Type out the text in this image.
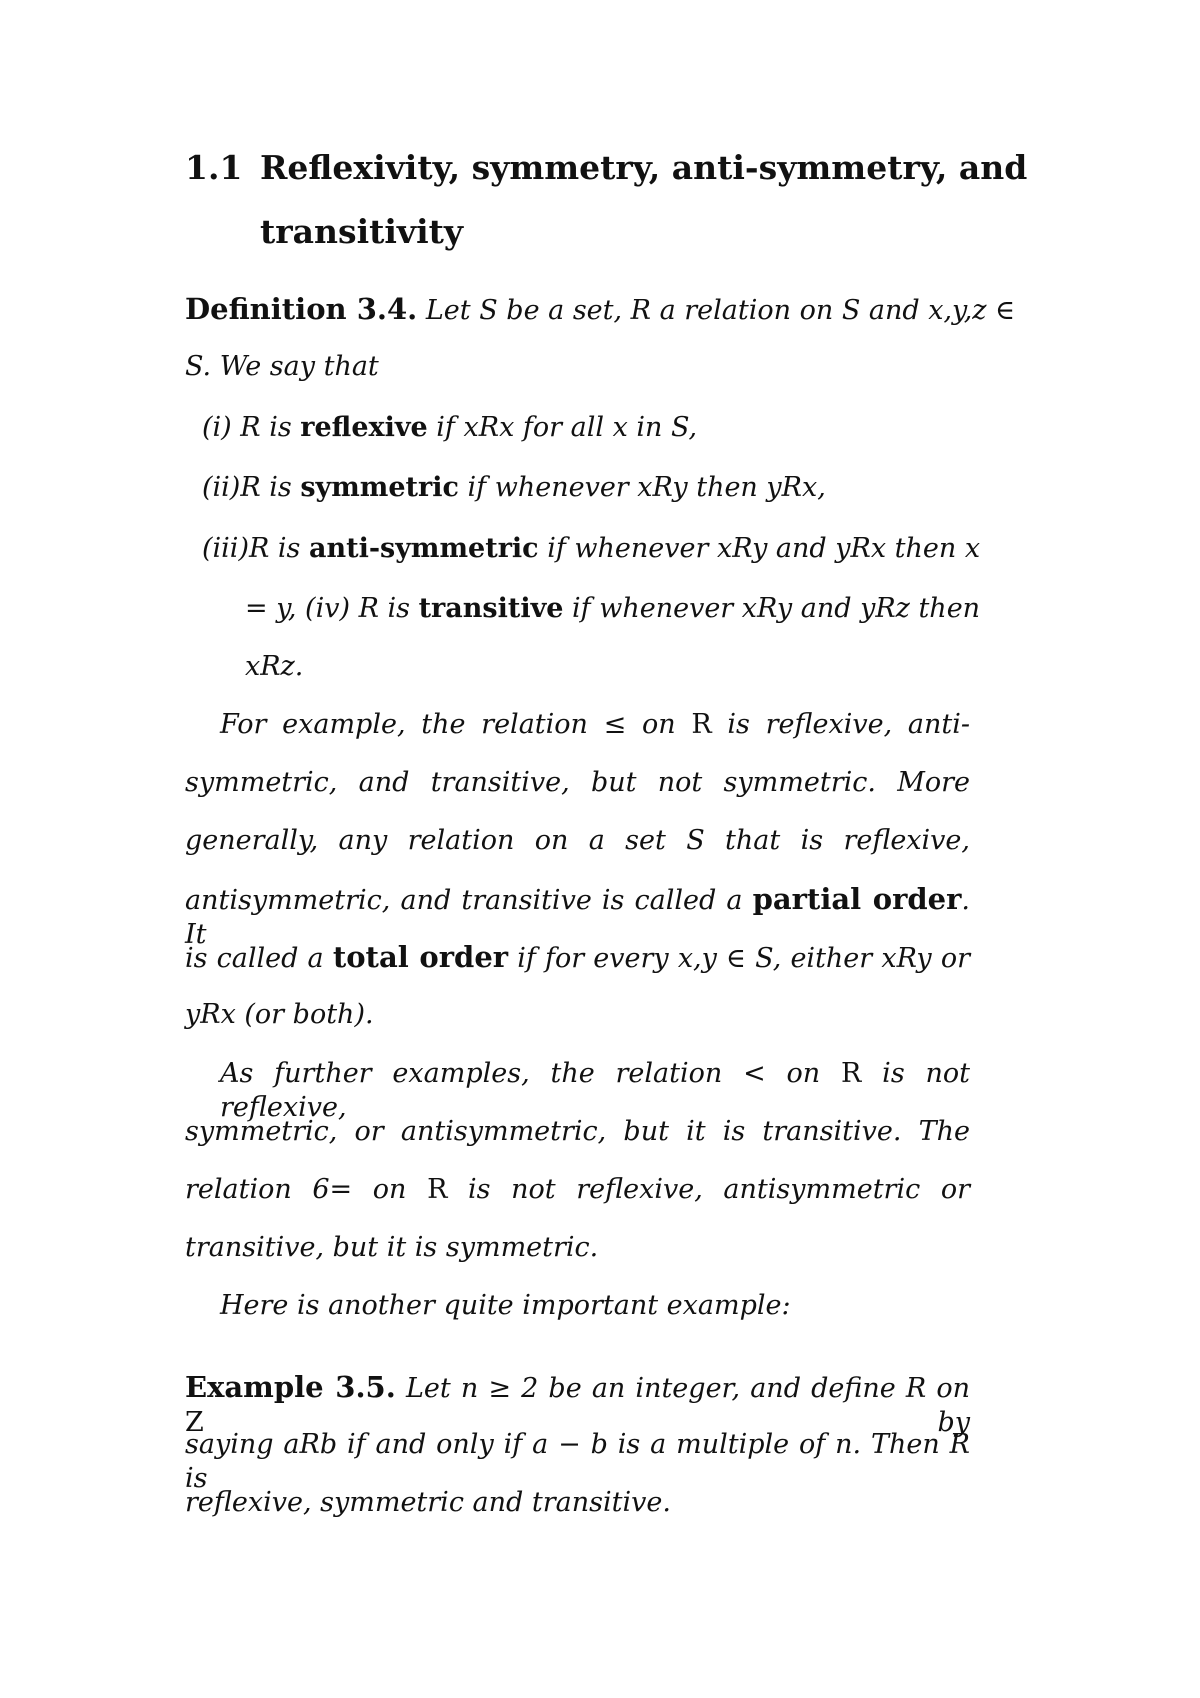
1.1 Reflexivity, symmetry, anti-symmetry, and
transitivity
Definition 3.4. Let S be a set, R a relation on S and x,y,z ∈
S. We say that
(i) R is reflexive if xRx for all x in S,
(ii)R is symmetric if whenever xRy then yRx,
(iii)R is anti-symmetric if whenever xRy and yRx then x
= y, (iv) R is transitive if whenever xRy and yRz then
xRz.
For example, the relation ≤ on R is reflexive, anti-
symmetric, and transitive, but not symmetric. More
generally, any relation on a set S that is reflexive,
antisymmetric, and transitive is called a partial order. It
is called a total order if for every x,y ∈ S, either xRy or
yRx (or both).
As further examples, the relation < on R is not reflexive,
symmetric, or antisymmetric, but it is transitive. The
relation 6= on R is not reflexive, antisymmetric or
transitive, but it is symmetric.
Here is another quite important example:
Example 3.5. Let n ≥ 2 be an integer, and define R on Z by
saying aRb if and only if a − b is a multiple of n. Then R is
reflexive, symmetric and transitive.
